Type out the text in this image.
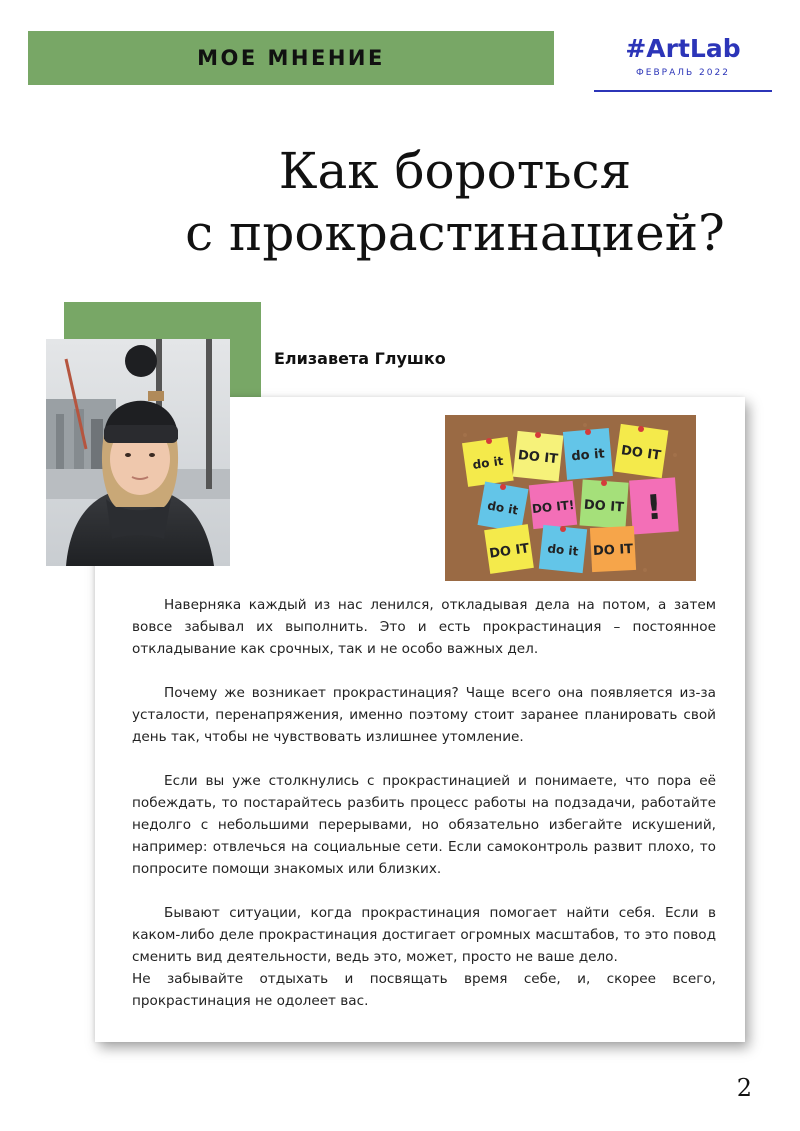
МОЕ МНЕНИЕ	#ArtLab
ФЕВРАЛЬ 2022
Как бороться
с прокрастинацией?
Елизавета Глушко
do it DO IT do it DO IT
do it DO IT! DO IT !
DO IT do it DO IT

Наверняка каждый из нас ленился, откладывая дела на потом, а затем вовсе забывал их выполнить. Это и есть прокрастинация – постоянное откладывание как срочных, так и не особо важных дел.

Почему же возникает прокрастинация? Чаще всего она появляется из-за усталости, перенапряжения, именно поэтому стоит заранее планировать свой день так, чтобы не чувствовать излишнее утомление.

Если вы уже столкнулись с прокрастинацией и понимаете, что пора её побеждать, то постарайтесь разбить процесс работы на подзадачи, работайте недолго с небольшими перерывами, но обязательно избегайте искушений, например: отвлечься на социальные сети. Если самоконтроль развит плохо, то попросите помощи знакомых или близких.

Бывают ситуации, когда прокрастинация помогает найти себя. Если в каком-либо деле прокрастинация достигает огромных масштабов, то это повод сменить вид деятельности, ведь это, может, просто не ваше дело.

Не забывайте отдыхать и посвящать время себе, и, скорее всего, прокрастинация не одолеет вас.

2
